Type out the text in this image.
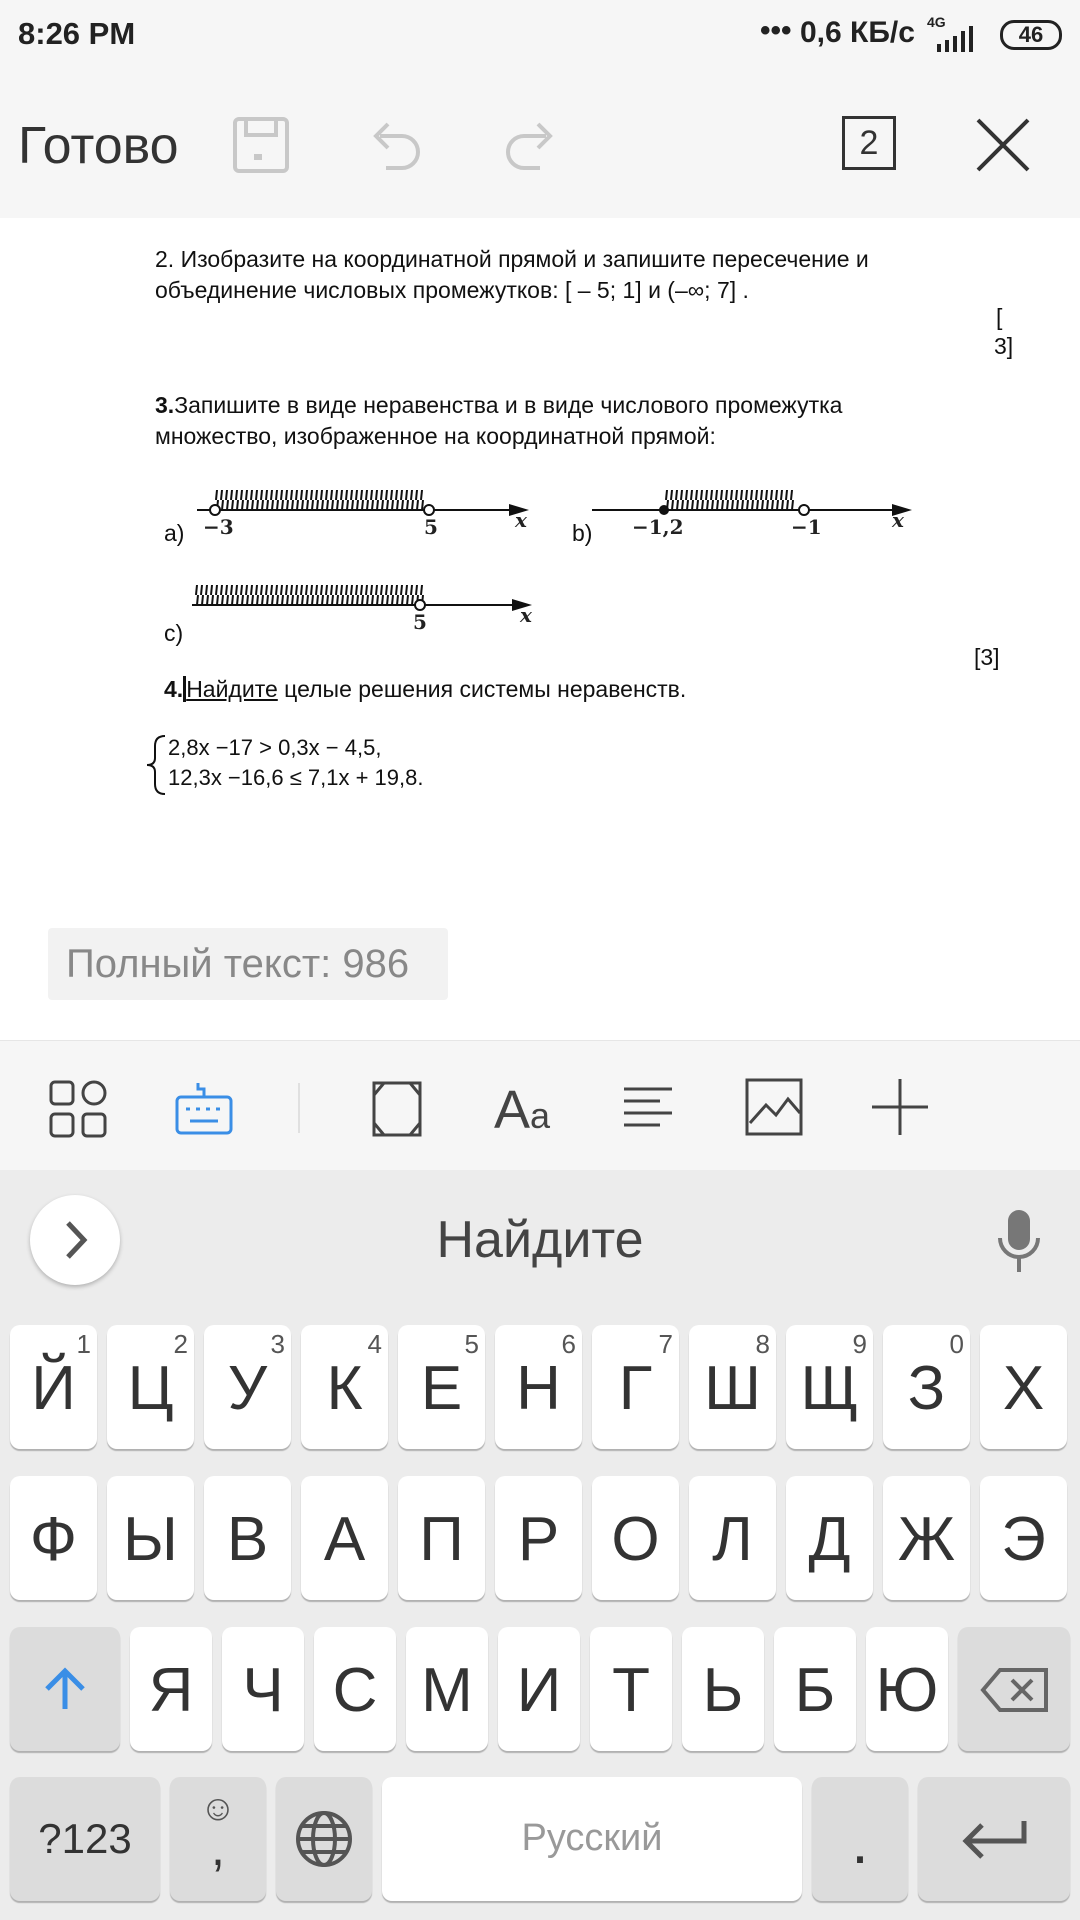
8:26 PM	••• 0,6 КБ/с 4G	46
Готово	2
2. Изобразите на координатной прямой и запишите пересечение и
объединение числовых промежутков: [ – 5; 1] и (–∞; 7] .
[
3]
3.Запишите в виде неравенства и в виде числового промежутка
множество, изображенное на координатной прямой:
a) −3	5	x b) −1,2	−1	x
c)	5	x
[3]
4. Найдите целые решения системы неравенств.
2,8x −17 > 0,3x − 4,5,
12,3x −16,6 ≤ 7,1x + 19,8.
Полный текст: 986
Aa
Найдите
Й
1
Ц
2
У
3
К
4
Е
5
Н
6
Г
7
Ш
8
Щ
9
З
0
Х
Ф Ы В А П Р О Л Д Ж Э
Я Ч С М И Т Ь Б Ю
?123
☺
,	Русский	.
